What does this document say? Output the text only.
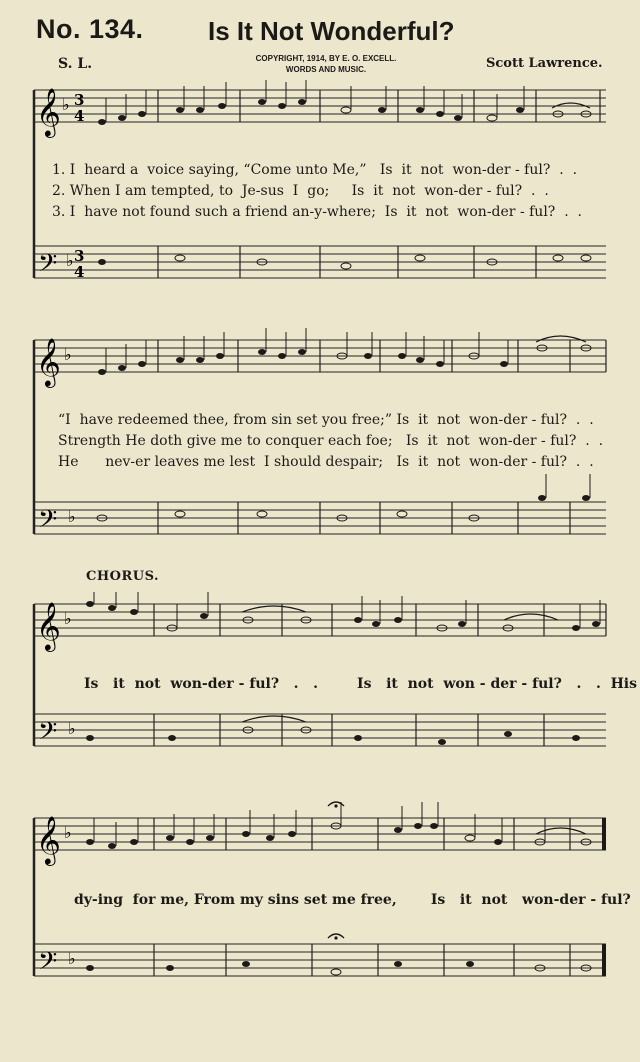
No. 134. Is It Not Wonderful?
COPYRIGHT, 1914, BY E. O. EXCELL.
WORDS AND MUSIC.
S. L.	Scott Lawrence.
𝄞
𝄢
♭
♭
3
4
3
4
1. I  heard a  voice saying, “Come unto Me,”   Is  it  not  won-der - ful?  .  .
2. When I am tempted, to  Je-sus  I  go;     Is  it  not  won-der - ful?  .  .
3. I  have not found such a friend an-y-where;  Is  it  not  won-der - ful?  .  .
𝄞
𝄢
♭
♭
“I  have redeemed thee, from sin set you free;” Is  it  not  won-der - ful?  .  .
Strength He doth give me to conquer each foe;   Is  it  not  won-der - ful?  .  .
He      nev-er leaves me lest  I should despair;   Is  it  not  won-der - ful?  .  .
CHORUS.
𝄞
𝄢
♭
♭
Is   it  not  won-der - ful?   .   .        Is   it  not  won - der - ful?   .   .  His
𝄞
𝄢
♭
♭
dy-ing  for me, From my sins set me free,       Is   it  not   won-der - ful?
